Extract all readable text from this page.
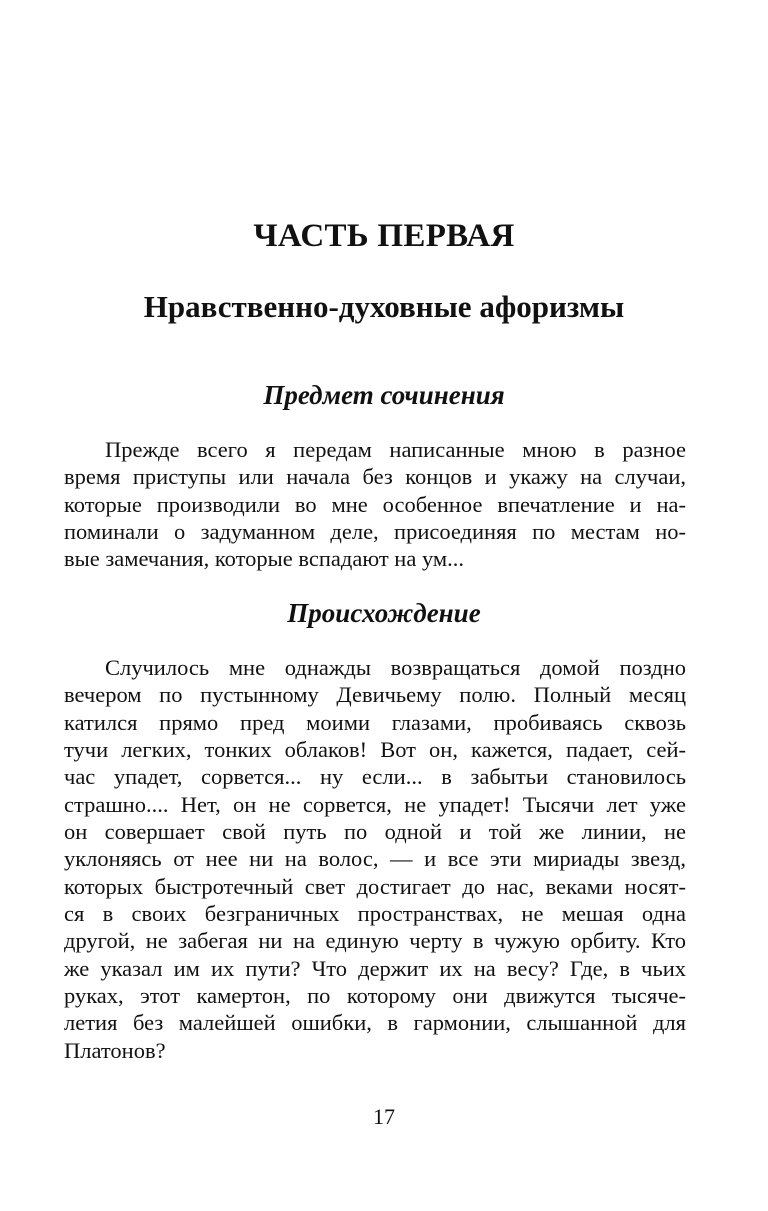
ЧАСТЬ ПЕРВАЯ
Нравственно-духовные афоризмы
Предмет сочинения
Прежде всего я передам написанные мною в разное
время приступы или начала без концов и укажу на случаи,
которые производили во мне особенное впечатление и на-
поминали о задуманном деле, присоединяя по местам но-
вые замечания, которые вспадают на ум...
Происхождение
Случилось мне однажды возвращаться домой поздно
вечером по пустынному Девичьему полю. Полный месяц
катился прямо пред моими глазами, пробиваясь сквозь
тучи легких, тонких облаков! Вот он, кажется, падает, сей-
час упадет, сорвется... ну если... в забытьи становилось
страшно.... Нет, он не сорвется, не упадет! Тысячи лет уже
он совершает свой путь по одной и той же линии, не
уклоняясь от нее ни на волос, — и все эти мириады звезд,
которых быстротечный свет достигает до нас, веками носят-
ся в своих безграничных пространствах, не мешая одна
другой, не забегая ни на единую черту в чужую орбиту. Кто
же указал им их пути? Что держит их на весу? Где, в чьих
руках, этот камертон, по которому они движутся тысяче-
летия без малейшей ошибки, в гармонии, слышанной для
Платонов?
17
